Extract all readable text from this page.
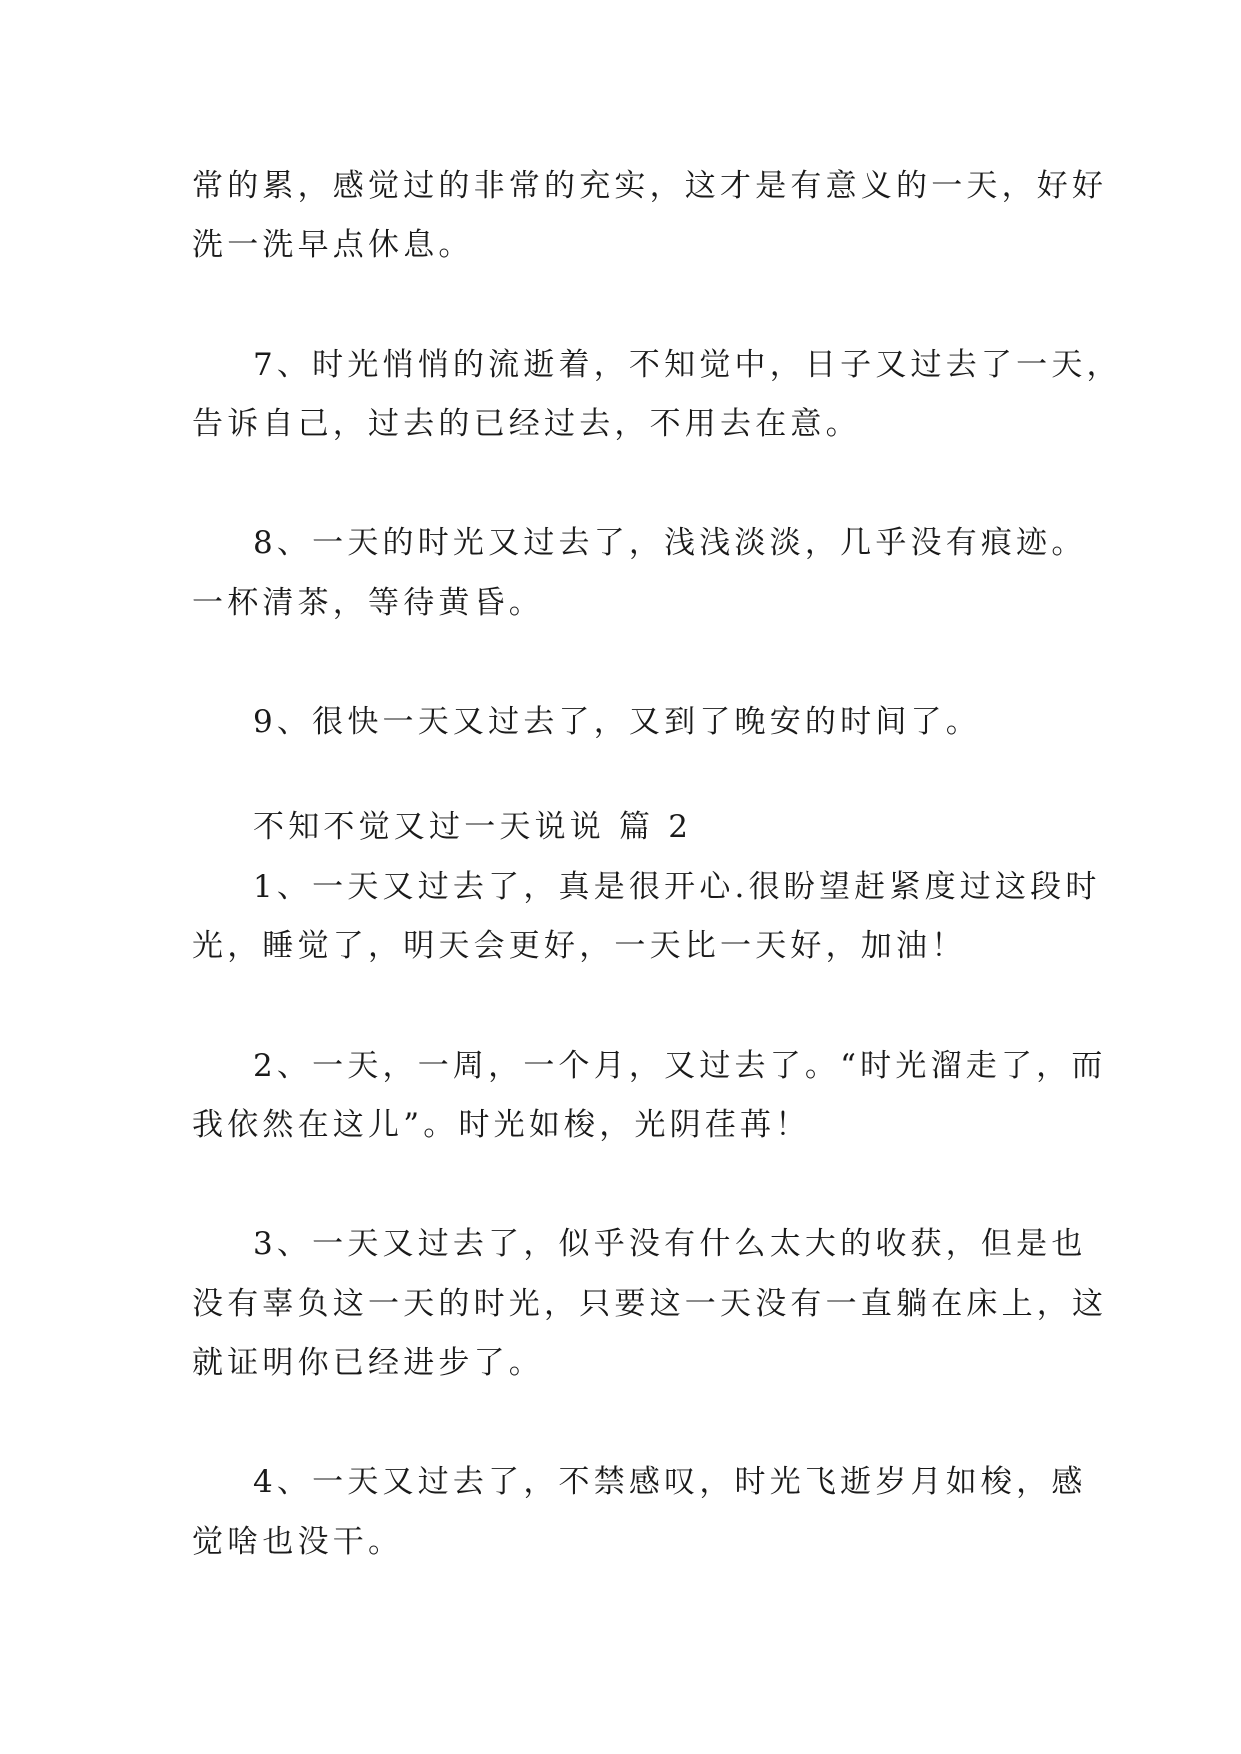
常的累，感觉过的非常的充实，这才是有意义的一天，好好
洗一洗早点休息。
7、时光悄悄的流逝着，不知觉中，日子又过去了一天，
告诉自己，过去的已经过去，不用去在意。
8、一天的时光又过去了，浅浅淡淡，几乎没有痕迹。
一杯清茶，等待黄昏。
9、很快一天又过去了，又到了晚安的时间了。
不知不觉又过一天说说 篇 2
1、一天又过去了，真是很开心.很盼望赶紧度过这段时
光，睡觉了，明天会更好，一天比一天好，加油！
2、一天，一周，一个月，又过去了。“时光溜走了，而
我依然在这儿”。时光如梭，光阴荏苒！
3、一天又过去了，似乎没有什么太大的收获，但是也
没有辜负这一天的时光，只要这一天没有一直躺在床上，这
就证明你已经进步了。
4、一天又过去了，不禁感叹，时光飞逝岁月如梭，感
觉啥也没干。
